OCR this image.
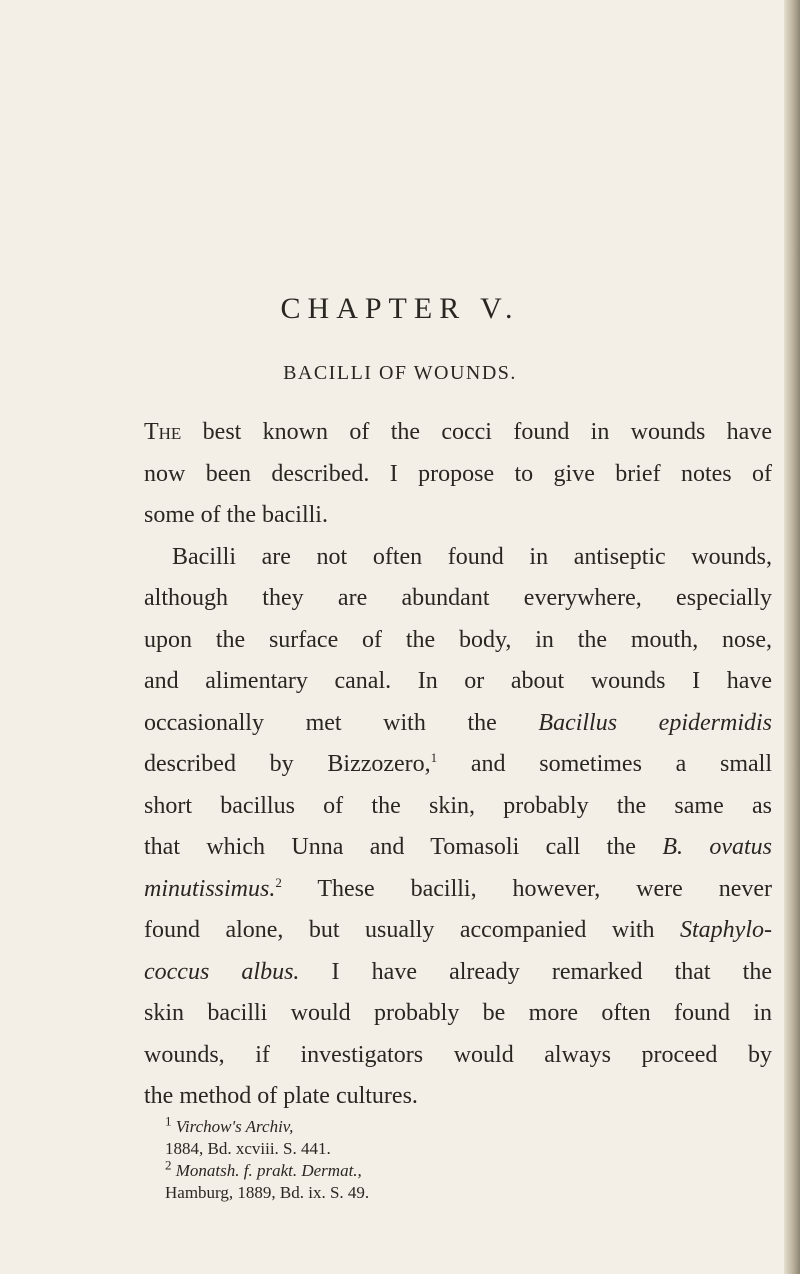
CHAPTER V.
BACILLI OF WOUNDS.
The best known of the cocci found in wounds have
now been described. I propose to give brief notes of
some of the bacilli.
Bacilli are not often found in antiseptic wounds,
although they are abundant everywhere, especially
upon the surface of the body, in the mouth, nose,
and alimentary canal. In or about wounds I have
occasionally met with the Bacillus epidermidis
described by Bizzozero,$^1$ and sometimes a small
short bacillus of the skin, probably the same as
that which Unna and Tomasoli call the B. ovatus
minutissimus.$^2$ These bacilli, however, were never
found alone, but usually accompanied with Staphylo-
coccus albus. I have already remarked that the
skin bacilli would probably be more often found in
wounds, if investigators would always proceed by
the method of plate cultures.
$^1$ Virchow's Archiv,
1884, Bd. xcviii. S. 441.
$^2$ Monatsh. f. prakt. Dermat.,
Hamburg, 1889, Bd. ix. S. 49.
